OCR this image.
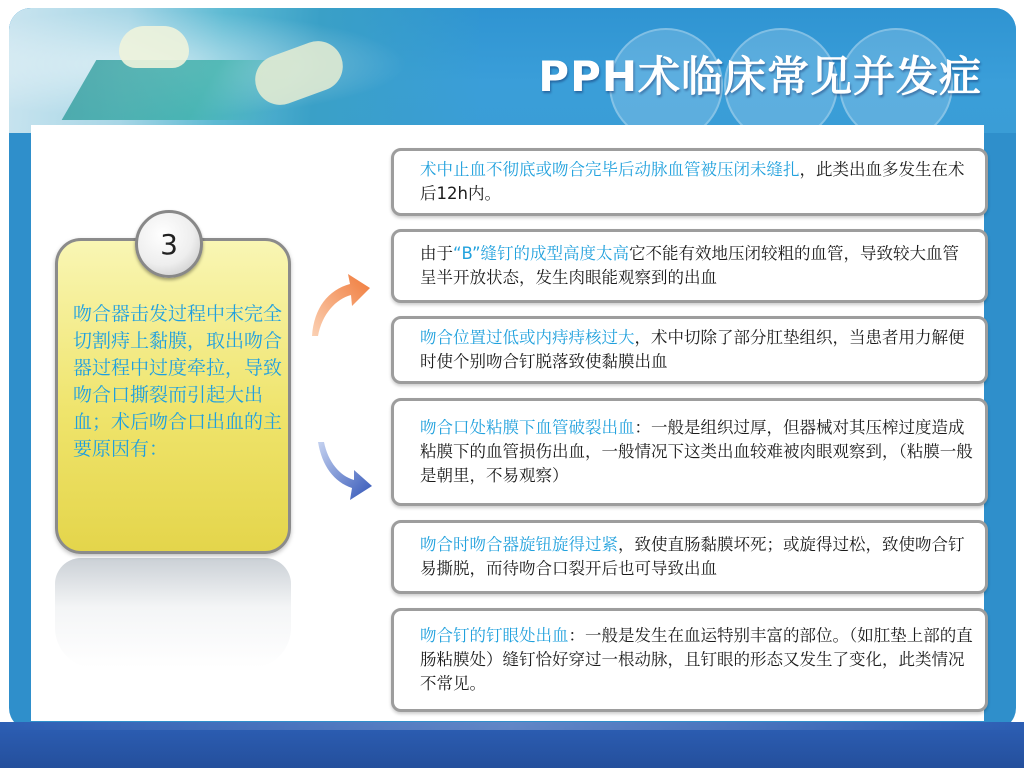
PPH术临床常见并发症
吻合器击发过程中末完全切割痔上黏膜，取出吻合器过程中过度牵拉，导致吻合口撕裂而引起大出血；术后吻合口出血的主要原因有：
3
术中止血不彻底或吻合完毕后动脉血管被压闭未缝扎，此类出血多发生在术后12h内。
由于“B”缝钉的成型高度太高它不能有效地压闭较粗的血管，导致较大血管呈半开放状态，发生肉眼能观察到的出血
吻合位置过低或内痔痔核过大，术中切除了部分肛垫组织，当患者用力解便时使个别吻合钉脱落致使黏膜出血
吻合口处粘膜下血管破裂出血：一般是组织过厚，但器械对其压榨过度造成粘膜下的血管损伤出血，一般情况下这类出血较难被肉眼观察到，（粘膜一般是朝里，不易观察）
吻合时吻合器旋钮旋得过紧，致使直肠黏膜坏死；或旋得过松，致使吻合钉易撕脱，而待吻合口裂开后也可导致出血
吻合钉的钉眼处出血：一般是发生在血运特别丰富的部位。（如肛垫上部的直肠粘膜处）缝钉恰好穿过一根动脉，且钉眼的形态又发生了变化，此类情况不常见。
